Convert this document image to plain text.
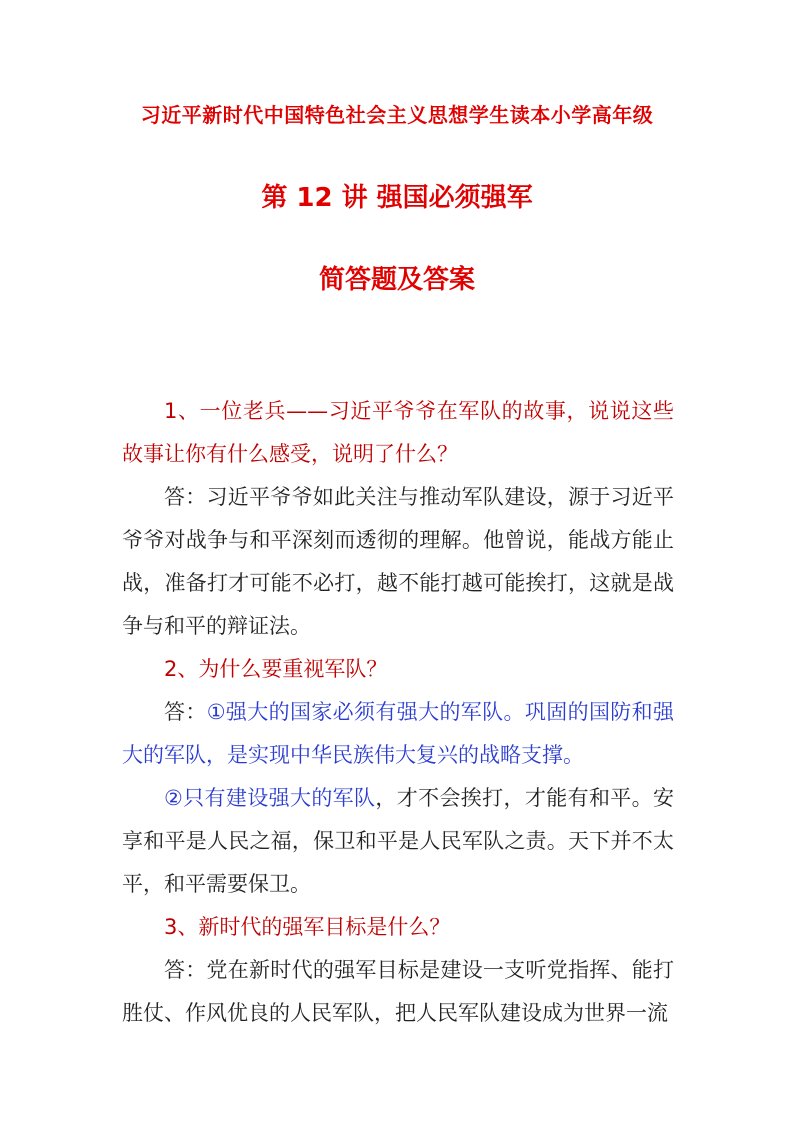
习近平新时代中国特色社会主义思想学生读本小学高年级
第 12 讲 强国必须强军
简答题及答案

1、一位老兵——习近平爷爷在军队的故事，说说这些故事让你有什么感受，说明了什么？

答：习近平爷爷如此关注与推动军队建设，源于习近平爷爷对战争与和平深刻而透彻的理解。他曾说，能战方能止战，准备打才可能不必打，越不能打越可能挨打，这就是战争与和平的辩证法。

2、为什么要重视军队？

答：①强大的国家必须有强大的军队。巩固的国防和强大的军队，是实现中华民族伟大复兴的战略支撑。

②只有建设强大的军队，才不会挨打，才能有和平。安享和平是人民之福，保卫和平是人民军队之责。天下并不太平，和平需要保卫。

3、新时代的强军目标是什么？

答：党在新时代的强军目标是建设一支听党指挥、能打胜仗、作风优良的人民军队，把人民军队建设成为世界一流
